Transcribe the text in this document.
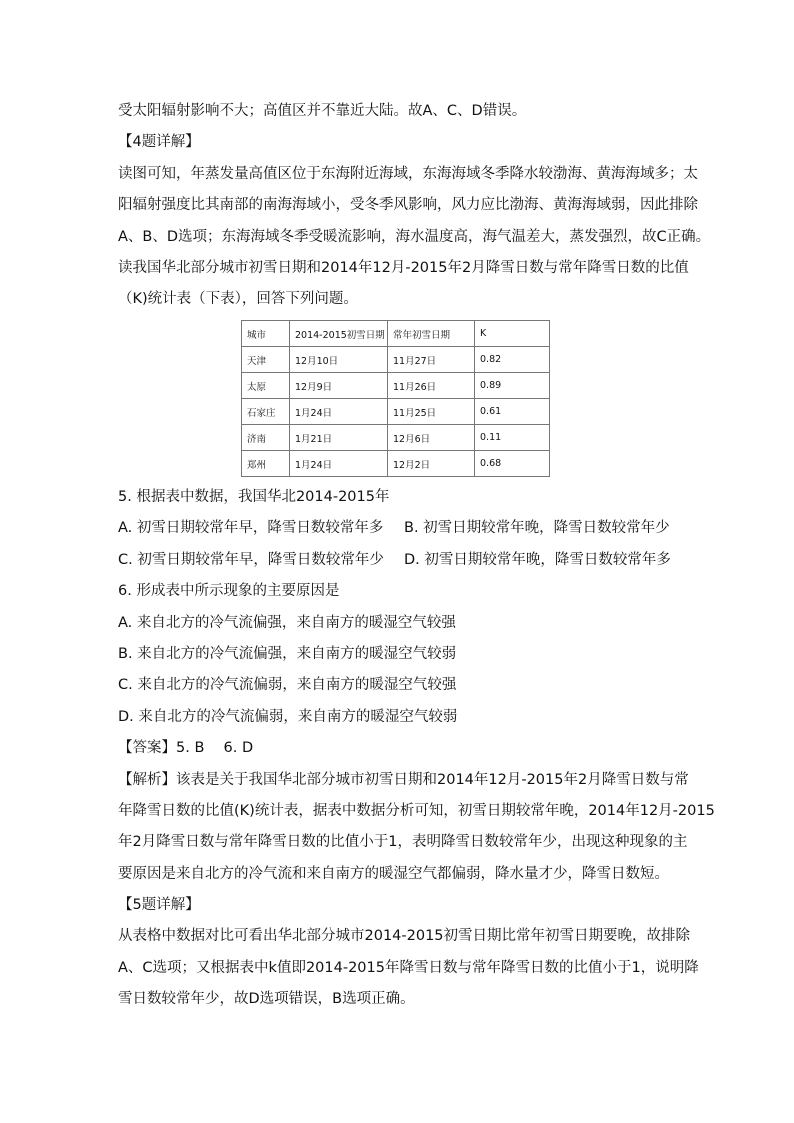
受太阳辐射影响不大；高值区并不靠近大陆。故A、C、D错误。
【4题详解】
读图可知，年蒸发量高值区位于东海附近海域，东海海域冬季降水较渤海、黄海海域多；太
阳辐射强度比其南部的南海海域小，受冬季风影响，风力应比渤海、黄海海域弱，因此排除
A、B、D选项；东海海域冬季受暖流影响，海水温度高，海气温差大，蒸发强烈，故C正确。
读我国华北部分城市初雪日期和2014年12月-2015年2月降雪日数与常年降雪日数的比值
（K)统计表（下表），回答下列问题。
城市	2014-2015初雪日期	常年初雪日期	K
天津	12月10日	11月27日	0.82
太原	12月9日	11月26日	0.89
石家庄	1月24日	11月25日	0.61
济南	1月21日	12月6日	0.11
郑州	1月24日	12月2日	0.68
5. 根据表中数据，我国华北2014-2015年
A. 初雪日期较常年早，降雪日数较常年多	B. 初雪日期较常年晚，降雪日数较常年少
C. 初雪日期较常年早，降雪日数较常年少	D. 初雪日期较常年晚，降雪日数较常年多
6. 形成表中所示现象的主要原因是
A. 来自北方的冷气流偏强，来自南方的暖湿空气较强
B. 来自北方的冷气流偏强，来自南方的暖湿空气较弱
C. 来自北方的冷气流偏弱，来自南方的暖湿空气较强
D. 来自北方的冷气流偏弱，来自南方的暖湿空气较弱
【答案】5. B　 6. D
【解析】该表是关于我国华北部分城市初雪日期和2014年12月-2015年2月降雪日数与常
年降雪日数的比值(K)统计表，据表中数据分析可知，初雪日期较常年晚，2014年12月-2015
年2月降雪日数与常年降雪日数的比值小于1，表明降雪日数较常年少，出现这种现象的主
要原因是来自北方的冷气流和来自南方的暖湿空气都偏弱，降水量才少，降雪日数短。
【5题详解】
从表格中数据对比可看出华北部分城市2014-2015初雪日期比常年初雪日期要晚，故排除
A、C选项；又根据表中k值即2014-2015年降雪日数与常年降雪日数的比值小于1，说明降
雪日数较常年少，故D选项错误，B选项正确。
